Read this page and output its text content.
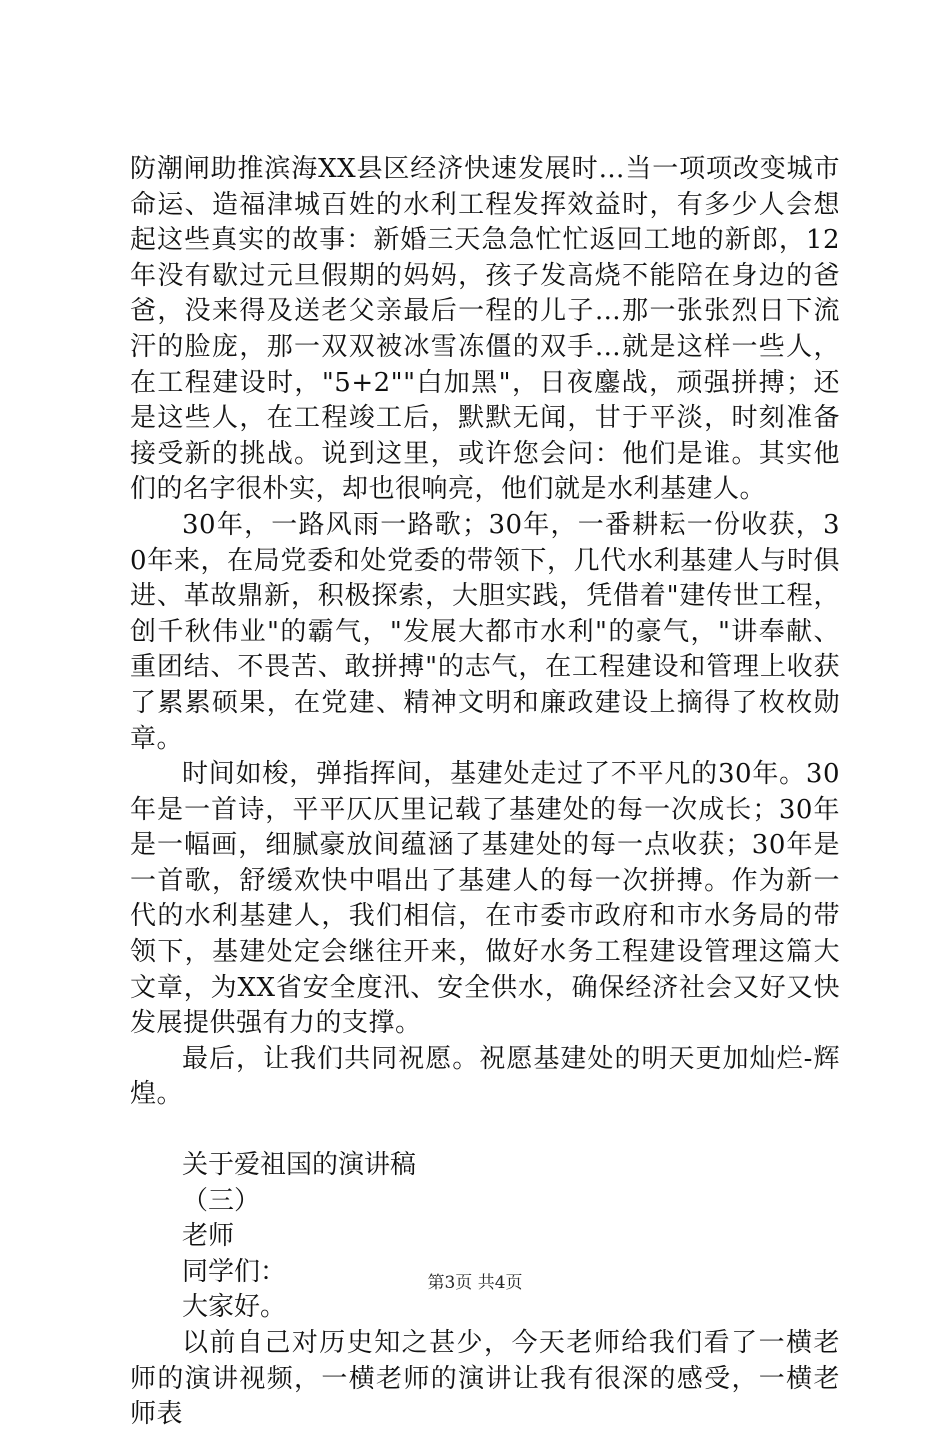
防潮闸助推滨海XX县区经济快速发展时…当一项项改变城市命运、造福津城百姓的水利工程发挥效益时，有多少人会想起这些真实的故事：新婚三天急急忙忙返回工地的新郎，12年没有歇过元旦假期的妈妈，孩子发高烧不能陪在身边的爸爸，没来得及送老父亲最后一程的儿子…那一张张烈日下流汗的脸庞，那一双双被冰雪冻僵的双手…就是这样一些人，在工程建设时，"5+2""白加黑"，日夜鏖战，顽强拼搏；还是这些人，在工程竣工后，默默无闻，甘于平淡，时刻准备接受新的挑战。说到这里，或许您会问：他们是谁。其实他们的名字很朴实，却也很响亮，他们就是水利基建人。

30年，一路风雨一路歌；30年，一番耕耘一份收获，30年来，在局党委和处党委的带领下，几代水利基建人与时俱进、革故鼎新，积极探索，大胆实践，凭借着"建传世工程，创千秋伟业"的霸气，"发展大都市水利"的豪气，"讲奉献、重团结、不畏苦、敢拼搏"的志气，在工程建设和管理上收获了累累硕果，在党建、精神文明和廉政建设上摘得了枚枚勋章。

时间如梭，弹指挥间，基建处走过了不平凡的30年。30年是一首诗，平平仄仄里记载了基建处的每一次成长；30年是一幅画，细腻豪放间蕴涵了基建处的每一点收获；30年是一首歌，舒缓欢快中唱出了基建人的每一次拼搏。作为新一代的水利基建人，我们相信，在市委市政府和市水务局的带领下，基建处定会继往开来，做好水务工程建设管理这篇大文章，为XX省安全度汛、安全供水，确保经济社会又好又快发展提供强有力的支撑。

最后，让我们共同祝愿。祝愿基建处的明天更加灿烂-辉煌。

关于爱祖国的演讲稿

（三）

老师

同学们：

大家好。

以前自己对历史知之甚少，今天老师给我们看了一横老师的演讲视频，一横老师的演讲让我有很深的感受，一横老师表

第3页 共4页
